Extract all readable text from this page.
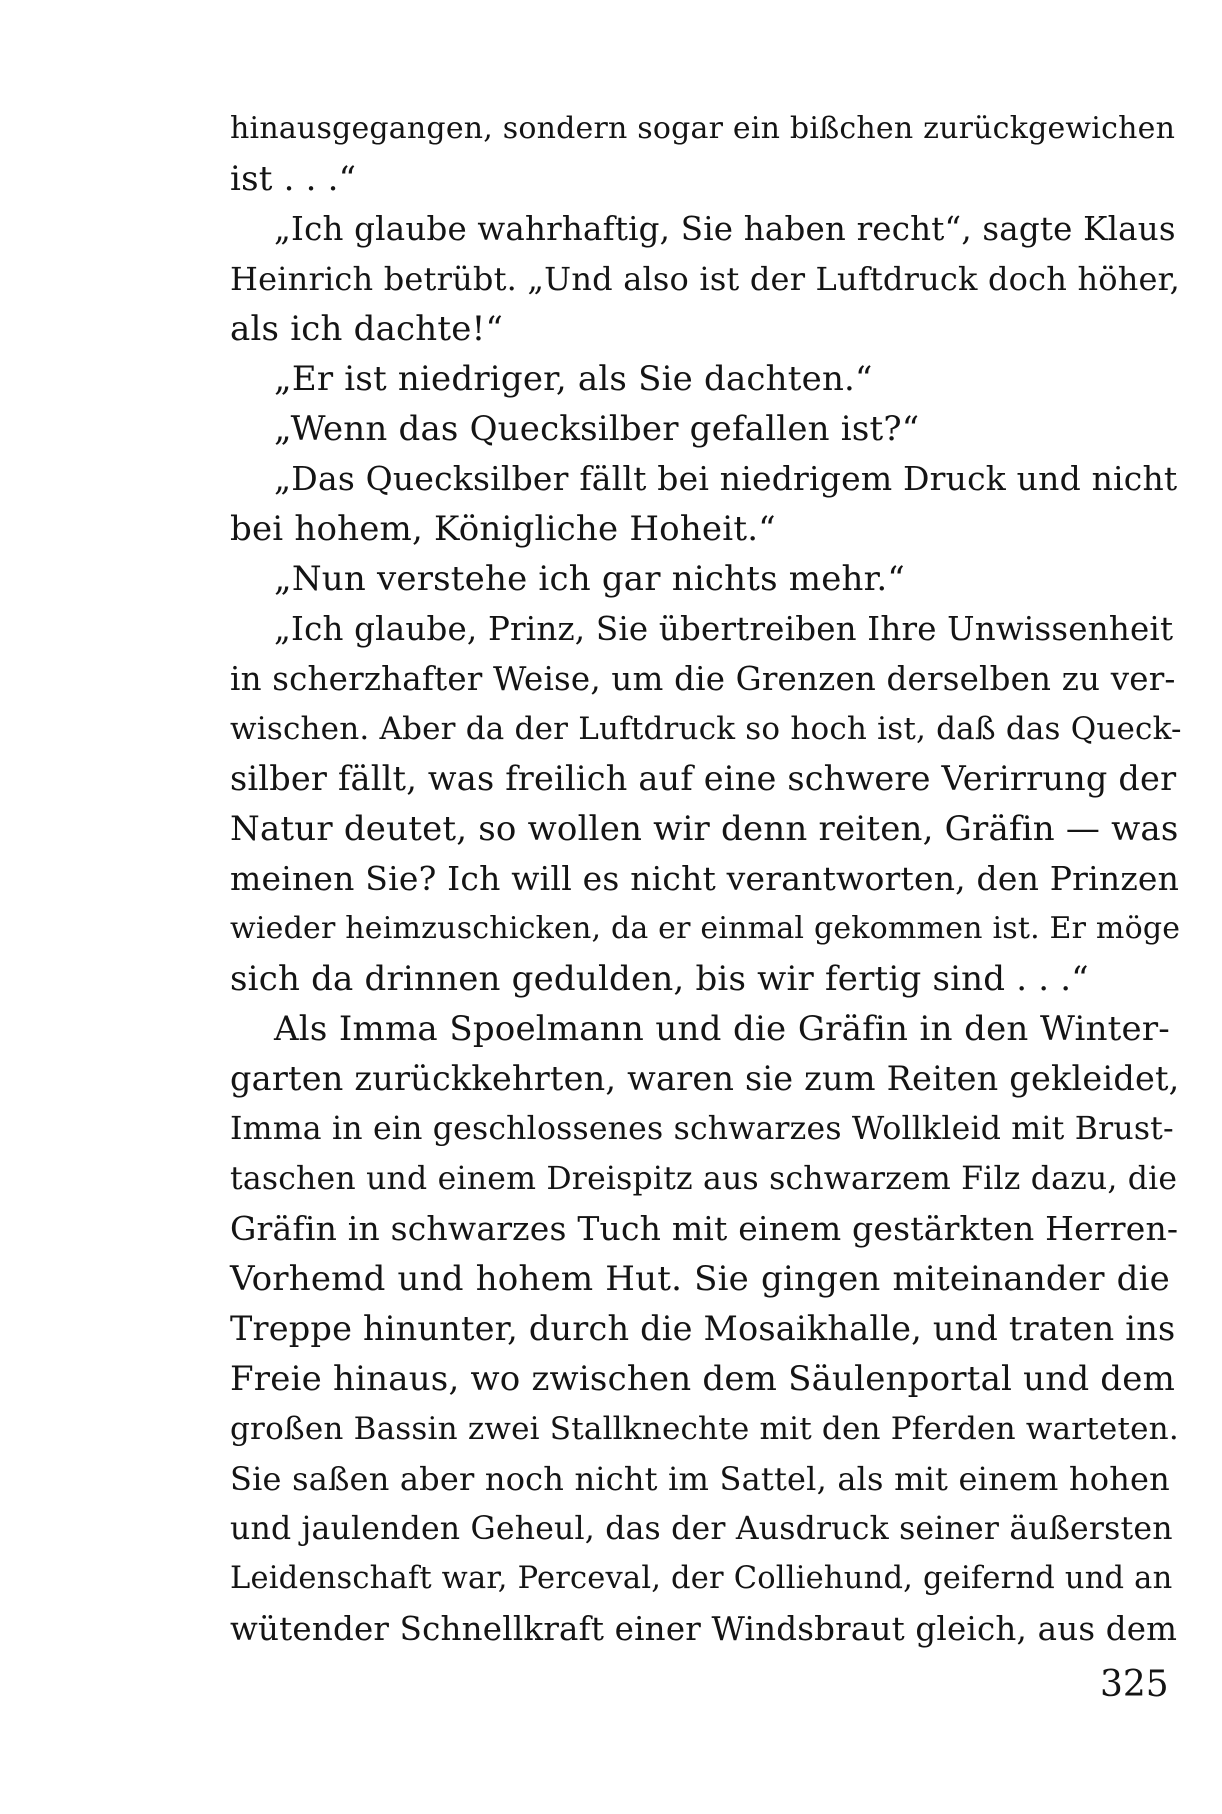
hinausgegangen, sondern sogar ein bißchen zurückgewichen
ist . . .“
„Ich glaube wahrhaftig, Sie haben recht“, sagte Klaus
Heinrich betrübt. „Und also ist der Luftdruck doch höher,
als ich dachte!“
„Er ist niedriger, als Sie dachten.“
„Wenn das Quecksilber gefallen ist?“
„Das Quecksilber fällt bei niedrigem Druck und nicht
bei hohem, Königliche Hoheit.“
„Nun verstehe ich gar nichts mehr.“
„Ich glaube, Prinz, Sie übertreiben Ihre Unwissenheit
in scherzhafter Weise, um die Grenzen derselben zu ver-
wischen. Aber da der Luftdruck so hoch ist, daß das Queck-
silber fällt, was freilich auf eine schwere Verirrung der
Natur deutet, so wollen wir denn reiten, Gräfin — was
meinen Sie? Ich will es nicht verantworten, den Prinzen
wieder heimzuschicken, da er einmal gekommen ist. Er möge
sich da drinnen gedulden, bis wir fertig sind . . .“
Als Imma Spoelmann und die Gräfin in den Winter-
garten zurückkehrten, waren sie zum Reiten gekleidet,
Imma in ein geschlossenes schwarzes Wollkleid mit Brust-
taschen und einem Dreispitz aus schwarzem Filz dazu, die
Gräfin in schwarzes Tuch mit einem gestärkten Herren-
Vorhemd und hohem Hut. Sie gingen miteinander die
Treppe hinunter, durch die Mosaikhalle, und traten ins
Freie hinaus, wo zwischen dem Säulenportal und dem
großen Bassin zwei Stallknechte mit den Pferden warteten.
Sie saßen aber noch nicht im Sattel, als mit einem hohen
und jaulenden Geheul, das der Ausdruck seiner äußersten
Leidenschaft war, Perceval, der Colliehund, geifernd und an
wütender Schnellkraft einer Windsbraut gleich, aus dem
325
